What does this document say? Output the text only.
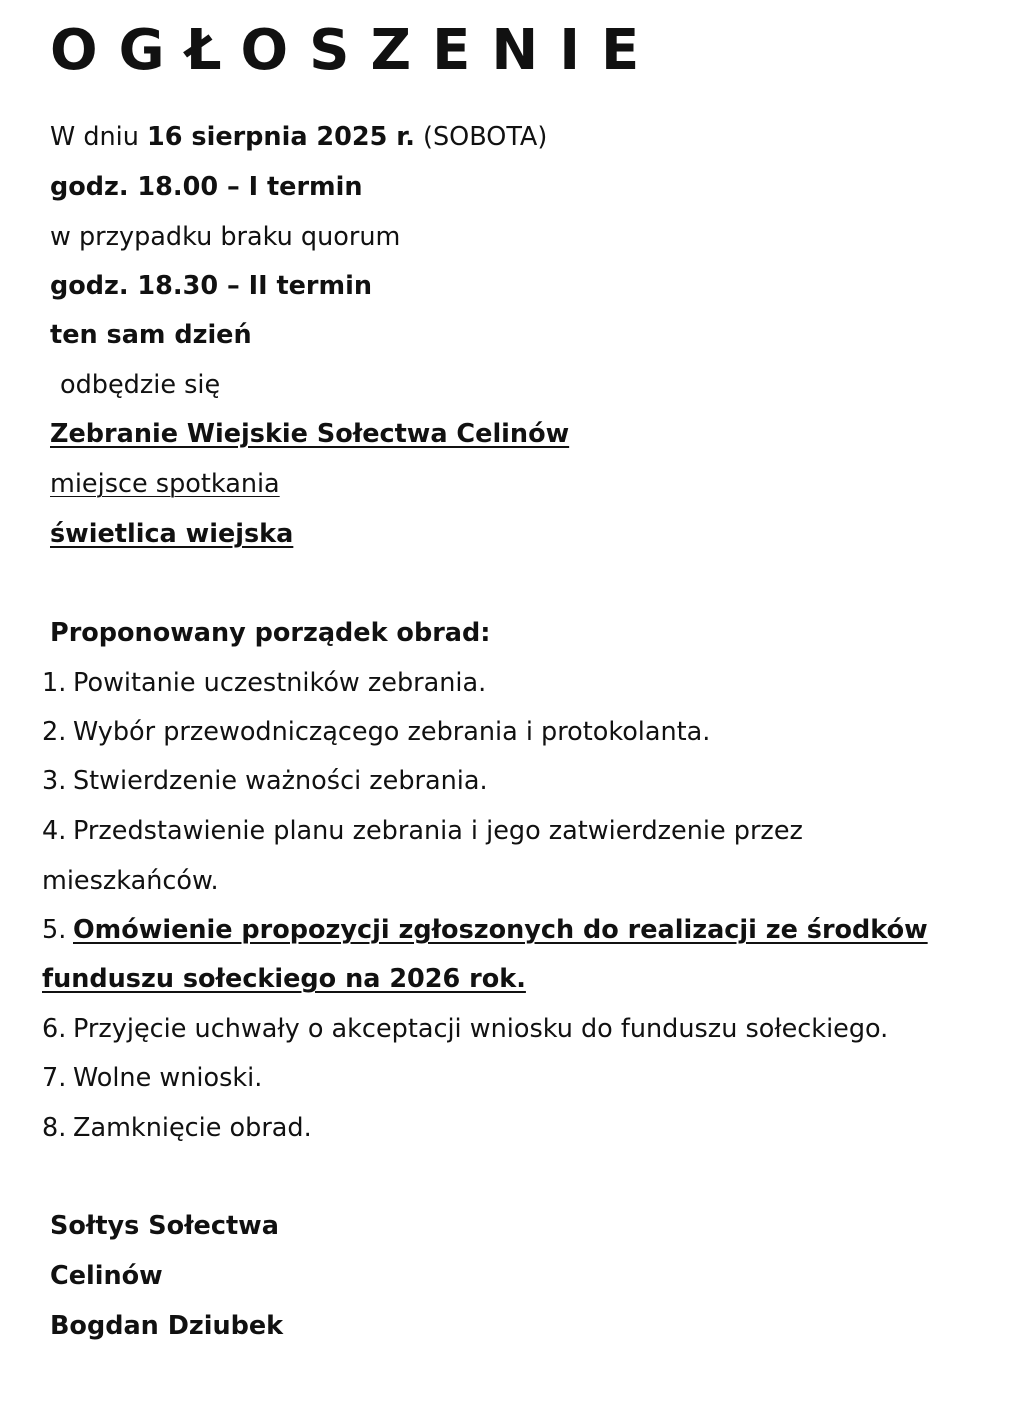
OGŁOSZENIE
W dniu 16 sierpnia 2025 r. (SOBOTA)
godz. 18.00 – I termin
w przypadku braku quorum
godz. 18.30 – II termin
ten sam dzień
odbędzie się
Zebranie Wiejskie Sołectwa Celinów
miejsce spotkania
świetlica wiejska
Proponowany porządek obrad:
1. Powitanie uczestników zebrania.
2. Wybór przewodniczącego zebrania i protokolanta.
3. Stwierdzenie ważności zebrania.
4. Przedstawienie planu zebrania i jego zatwierdzenie przez
mieszkańców.
5. Omówienie propozycji zgłoszonych do realizacji ze środków
funduszu sołeckiego na 2026 rok.
6. Przyjęcie uchwały o akceptacji wniosku do funduszu sołeckiego.
7. Wolne wnioski.
8. Zamknięcie obrad.
Sołtys Sołectwa
Celinów
Bogdan Dziubek
